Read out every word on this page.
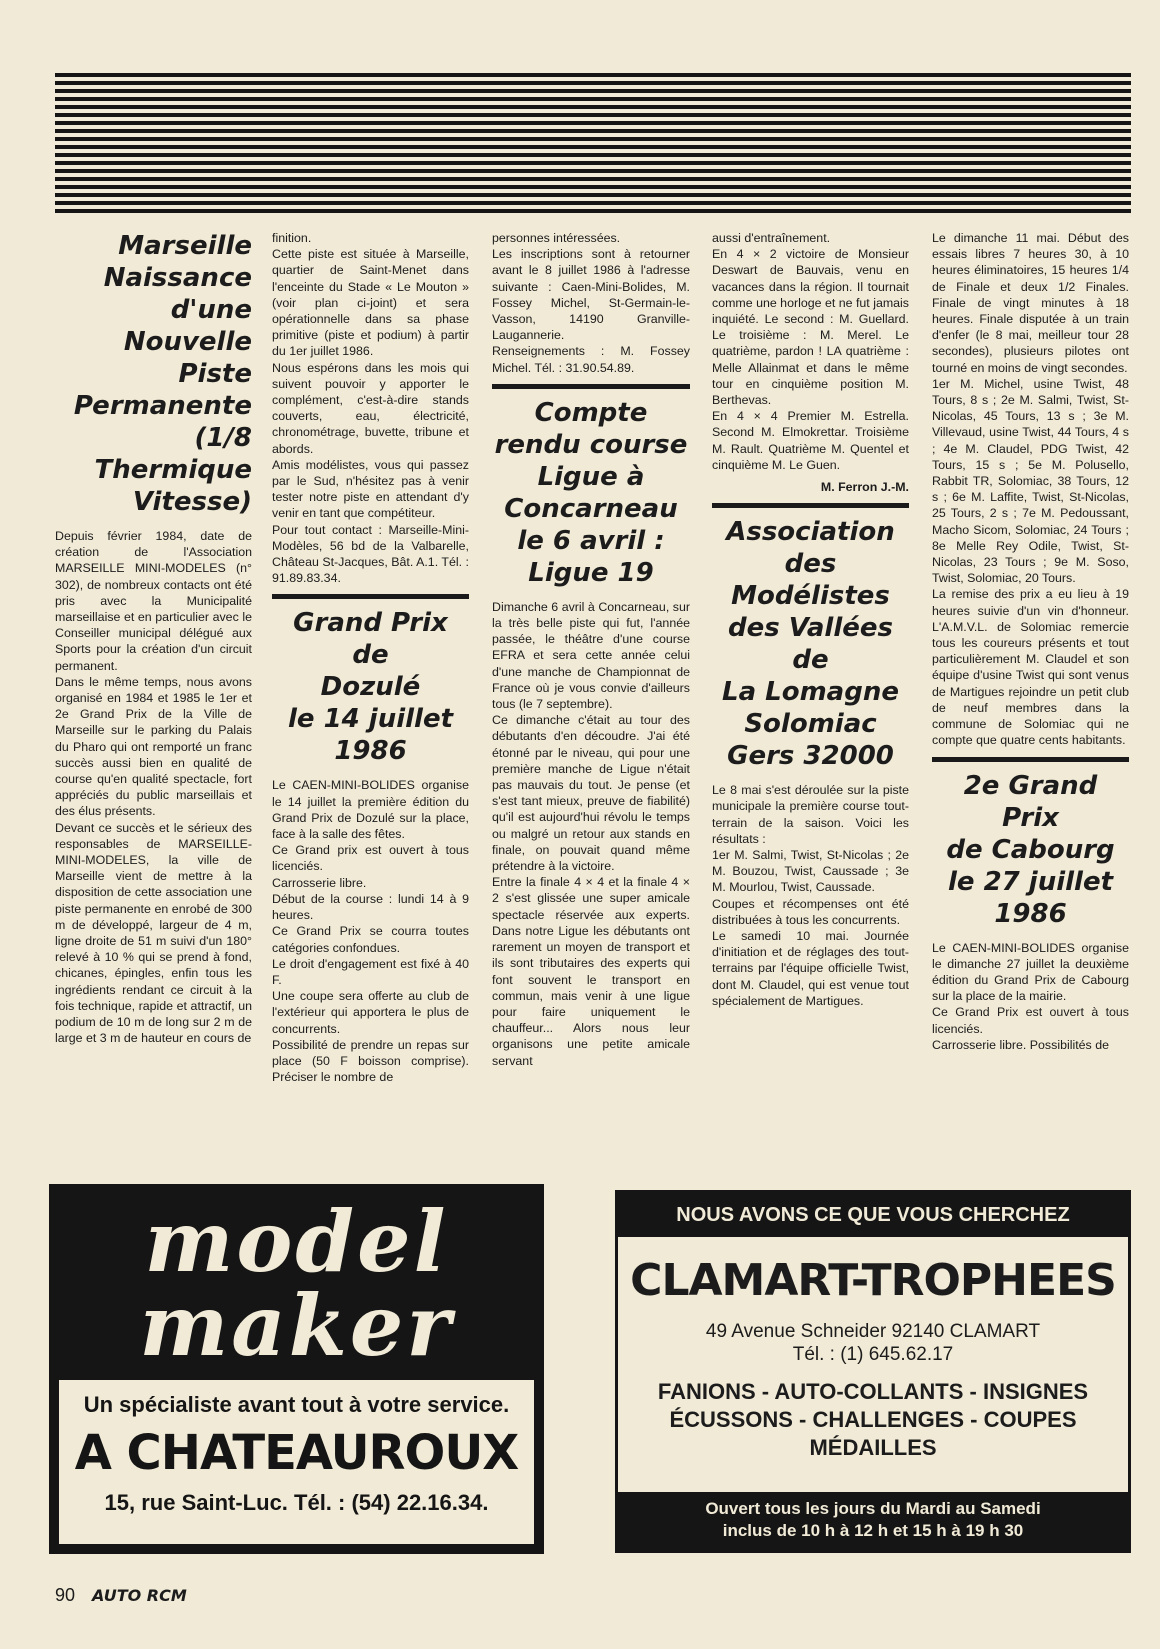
Marseille
Naissance
d'une
Nouvelle
Piste
Permanente
(1/8
Thermique
Vitesse)

Depuis février 1984, date de création de l'Association MARSEILLE MINI-MODELES (n° 302), de nombreux contacts ont été pris avec la Municipalité marseillaise et en particulier avec le Conseiller municipal délégué aux Sports pour la création d'un circuit permanent.

Dans le même temps, nous avons organisé en 1984 et 1985 le 1er et 2e Grand Prix de la Ville de Marseille sur le parking du Palais du Pharo qui ont remporté un franc succès aussi bien en qualité de course qu'en qualité spectacle, fort appréciés du public marseillais et des élus présents.

Devant ce succès et le sérieux des responsables de MARSEILLE-MINI-MODELES, la ville de Marseille vient de mettre à la disposition de cette association une piste permanente en enrobé de 300 m de développé, largeur de 4 m, ligne droite de 51 m suivi d'un 180° relevé à 10 % qui se prend à fond, chicanes, épingles, enfin tous les ingrédients rendant ce circuit à la fois technique, rapide et attractif, un podium de 10 m de long sur 2 m de large et 3 m de hauteur en cours de

finition.

Cette piste est située à Marseille, quartier de Saint-Menet dans l'enceinte du Stade « Le Mouton » (voir plan ci-joint) et sera opérationnelle dans sa phase primitive (piste et podium) à partir du 1er juillet 1986.

Nous espérons dans les mois qui suivent pouvoir y apporter le complément, c'est-à-dire stands couverts, eau, électricité, chronométrage, buvette, tribune et abords.

Amis modélistes, vous qui passez par le Sud, n'hésitez pas à venir tester notre piste en attendant d'y venir en tant que compétiteur.

Pour tout contact : Marseille-Mini-Modèles, 56 bd de la Valbarelle, Château St-Jacques, Bât. A.1. Tél. : 91.89.83.34.

Grand Prix de
Dozulé
le 14 juillet
1986

Le CAEN-MINI-BOLIDES organise le 14 juillet la première édition du Grand Prix de Dozulé sur la place, face à la salle des fêtes.

Ce Grand prix est ouvert à tous licenciés.

Carrosserie libre.

Début de la course : lundi 14 à 9 heures.

Ce Grand Prix se courra toutes catégories confondues.

Le droit d'engagement est fixé à 40 F.

Une coupe sera offerte au club de l'extérieur qui apportera le plus de concurrents.

Possibilité de prendre un repas sur place (50 F boisson comprise). Préciser le nombre de

personnes intéressées.

Les inscriptions sont à retourner avant le 8 juillet 1986 à l'adresse suivante : Caen-Mini-Bolides, M. Fossey Michel, St-Germain-le-Vasson, 14190 Granville-Laugannerie.

Renseignements : M. Fossey Michel. Tél. : 31.90.54.89.

Compte
rendu course
Ligue à
Concarneau
le 6 avril :
Ligue 19

Dimanche 6 avril à Concarneau, sur la très belle piste qui fut, l'année passée, le théâtre d'une course EFRA et sera cette année celui d'une manche de Championnat de France où je vous convie d'ailleurs tous (le 7 septembre).

Ce dimanche c'était au tour des débutants d'en découdre. J'ai été étonné par le niveau, qui pour une première manche de Ligue n'était pas mauvais du tout. Je pense (et s'est tant mieux, preuve de fiabilité) qu'il est aujourd'hui révolu le temps ou malgré un retour aux stands en finale, on pouvait quand même prétendre à la victoire.

Entre la finale 4 × 4 et la finale 4 × 2 s'est glissée une super amicale spectacle réservée aux experts. Dans notre Ligue les débutants ont rarement un moyen de transport et ils sont tributaires des experts qui font souvent le transport en commun, mais venir à une ligue pour faire uniquement le chauffeur... Alors nous leur organisons une petite amicale servant

aussi d'entraînement.

En 4 × 2 victoire de Monsieur Deswart de Bauvais, venu en vacances dans la région. Il tournait comme une horloge et ne fut jamais inquiété. Le second : M. Guellard. Le troisième : M. Merel. Le quatrième, pardon ! LA quatrième : Melle Allainmat et dans le même tour en cinquième position M. Berthevas.

En 4 × 4 Premier M. Estrella. Second M. Elmokrettar. Troisième M. Rault. Quatrième M. Quentel et cinquième M. Le Guen.

M. Ferron J.-M.

Association
des
Modélistes
des Vallées
de
La Lomagne
Solomiac
Gers 32000

Le 8 mai s'est déroulée sur la piste municipale la première course tout-terrain de la saison. Voici les résultats :

1er M. Salmi, Twist, St-Nicolas ; 2e M. Bouzou, Twist, Caussade ; 3e M. Mourlou, Twist, Caussade.

Coupes et récompenses ont été distribuées à tous les concurrents.

Le samedi 10 mai. Journée d'initiation et de réglages des tout-terrains par l'équipe officielle Twist, dont M. Claudel, qui est venue tout spécialement de Martigues.

Le dimanche 11 mai. Début des essais libres 7 heures 30, à 10 heures éliminatoires, 15 heures 1/4 de Finale et deux 1/2 Finales. Finale de vingt minutes à 18 heures. Finale disputée à un train d'enfer (le 8 mai, meilleur tour 28 secondes), plusieurs pilotes ont tourné en moins de vingt secondes.

1er M. Michel, usine Twist, 48 Tours, 8 s ; 2e M. Salmi, Twist, St-Nicolas, 45 Tours, 13 s ; 3e M. Villevaud, usine Twist, 44 Tours, 4 s ; 4e M. Claudel, PDG Twist, 42 Tours, 15 s ; 5e M. Polusello, Rabbit TR, Solomiac, 38 Tours, 12 s ; 6e M. Laffite, Twist, St-Nicolas, 25 Tours, 2 s ; 7e M. Pedoussant, Macho Sicom, Solomiac, 24 Tours ; 8e Melle Rey Odile, Twist, St-Nicolas, 23 Tours ; 9e M. Soso, Twist, Solomiac, 20 Tours.

La remise des prix a eu lieu à 19 heures suivie d'un vin d'honneur. L'A.M.V.L. de Solomiac remercie tous les coureurs présents et tout particulièrement M. Claudel et son équipe d'usine Twist qui sont venus de Martigues rejoindre un petit club de neuf membres dans la commune de Solomiac qui ne compte que quatre cents habitants.

2e Grand Prix
de Cabourg
le 27 juillet
1986

Le CAEN-MINI-BOLIDES organise le dimanche 27 juillet la deuxième édition du Grand Prix de Cabourg sur la place de la mairie.

Ce Grand Prix est ouvert à tous licenciés.

Carrosserie libre. Possibilités de

model
maker
Un spécialiste avant tout à votre service.
A CHATEAUROUX
15, rue Saint-Luc. Tél. : (54) 22.16.34.
NOUS AVONS CE QUE VOUS CHERCHEZ
CLAMART-TROPHEES
49 Avenue Schneider 92140 CLAMART
Tél. : (1) 645.62.17
FANIONS - AUTO-COLLANTS - INSIGNES
ÉCUSSONS - CHALLENGES - COUPES
MÉDAILLES
Ouvert tous les jours du Mardi au Samedi
inclus de 10 h à 12 h et 15 h à 19 h 30
90 AUTO RCM
